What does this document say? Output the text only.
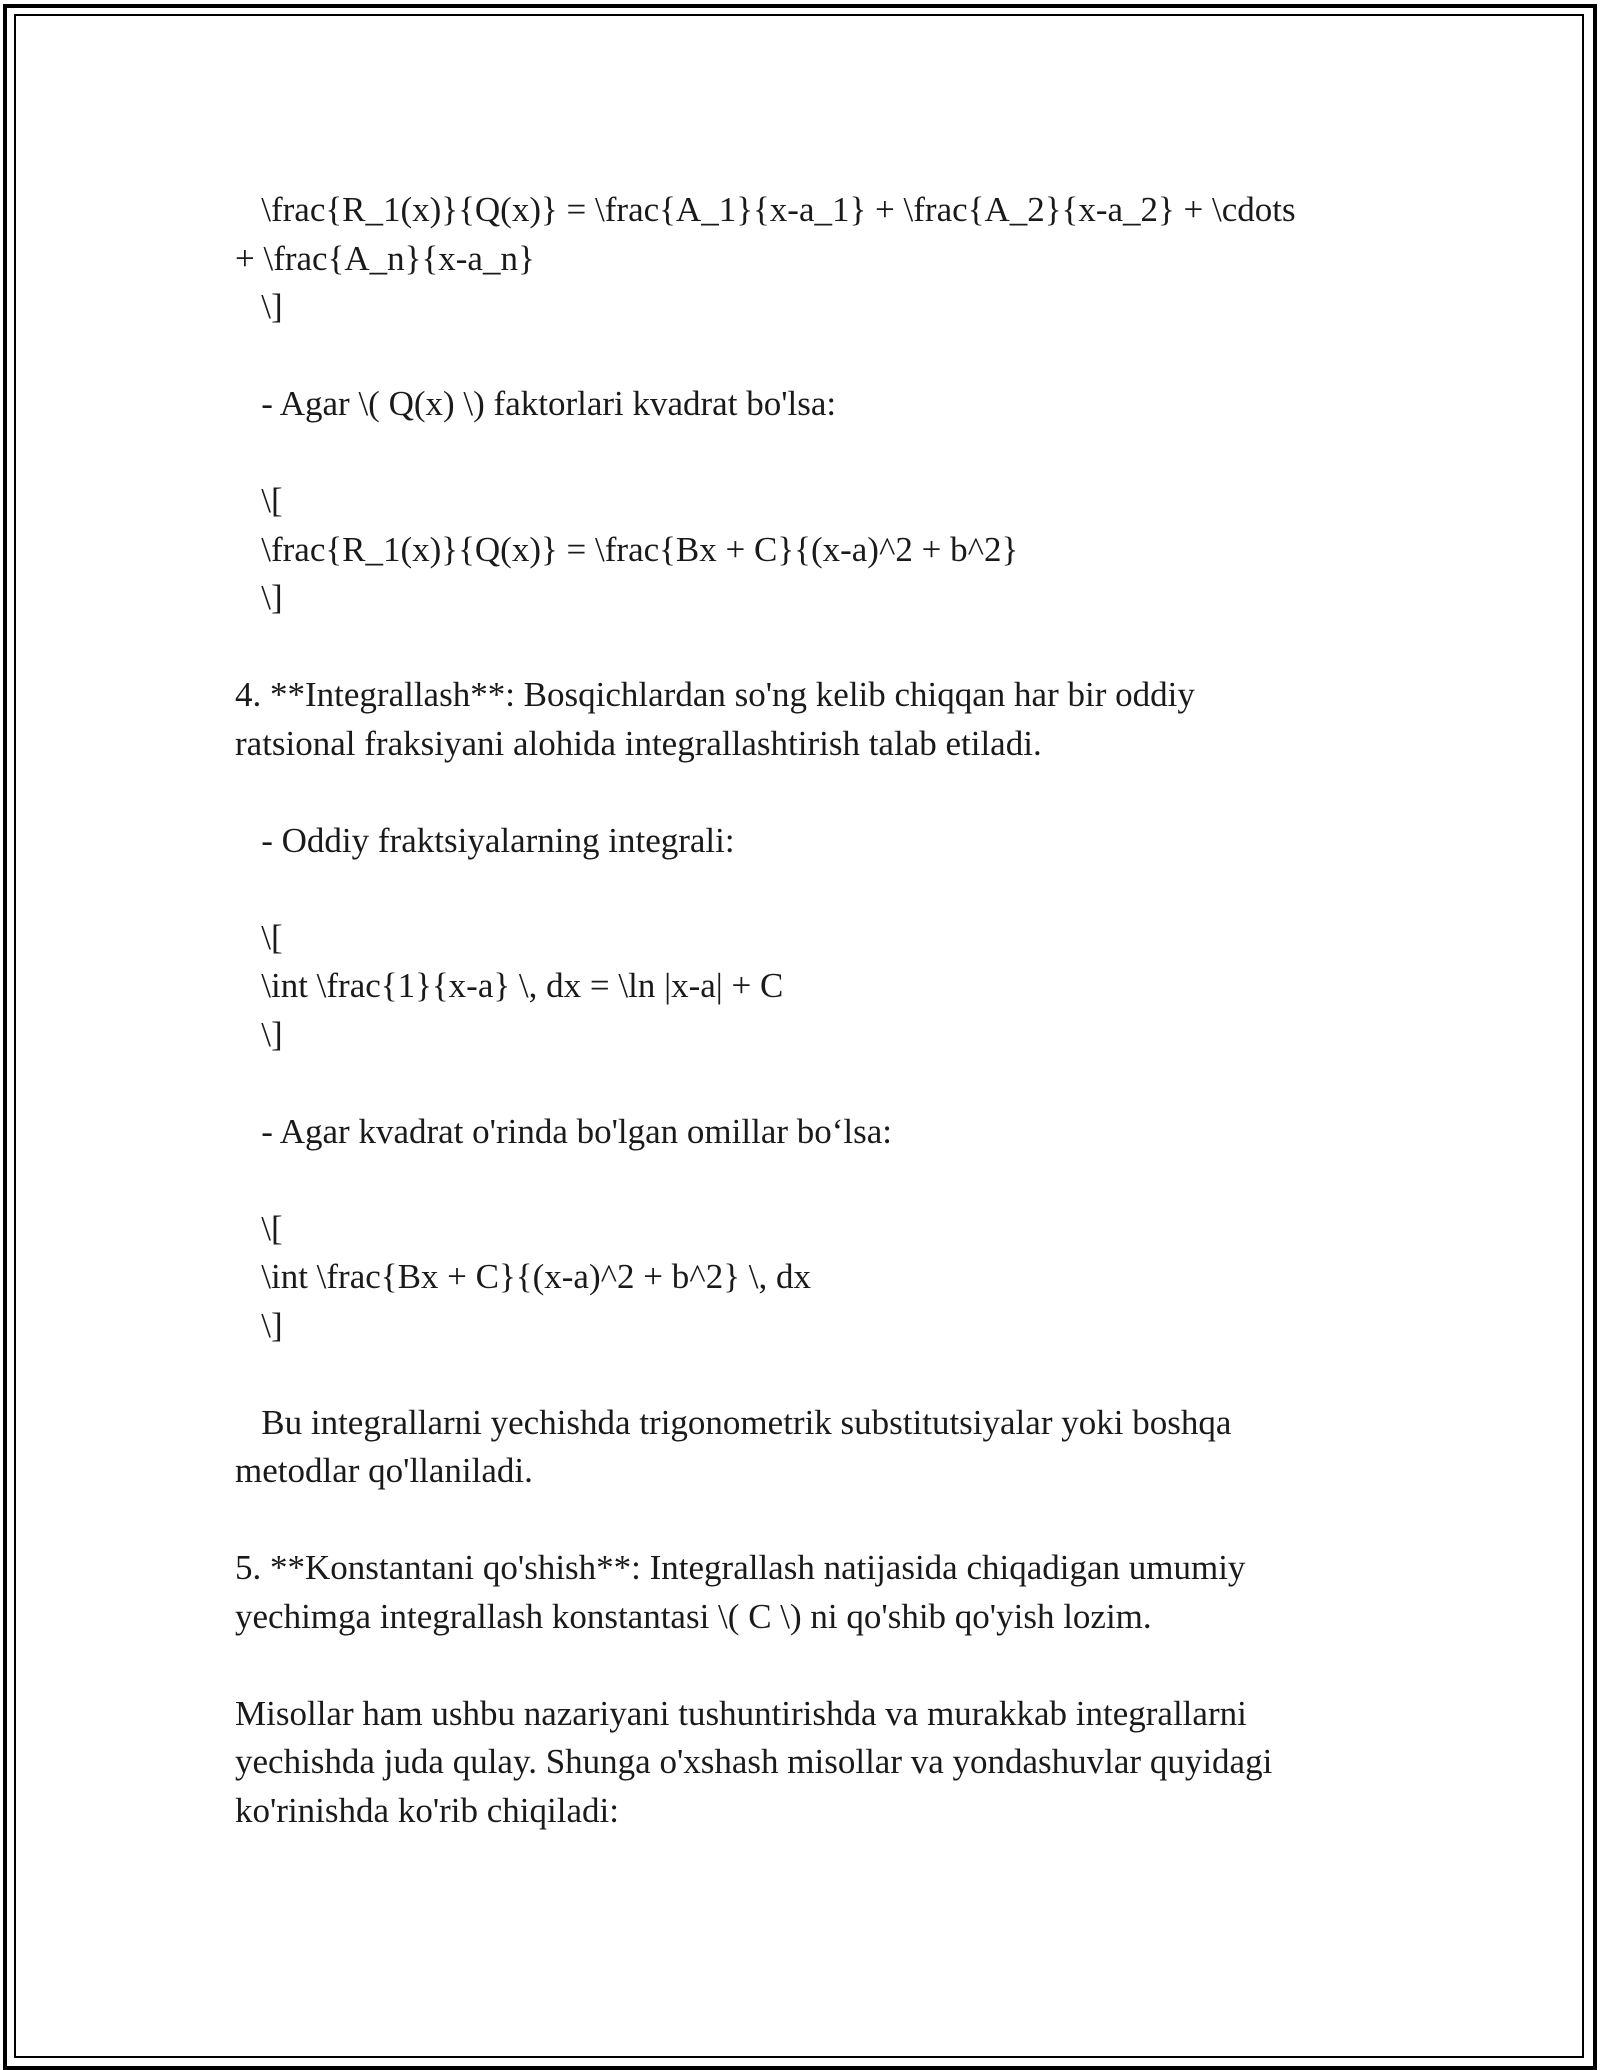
\frac{R_1(x)}{Q(x)} = \frac{A_1}{x-a_1} + \frac{A_2}{x-a_2} + \cdots
+ \frac{A_n}{x-a_n}
\]
- Agar \( Q(x) \) faktorlari kvadrat bo'lsa:
\[
\frac{R_1(x)}{Q(x)} = \frac{Bx + C}{(x-a)^2 + b^2}
\]
4. **Integrallash**: Bosqichlardan so'ng kelib chiqqan har bir oddiy
ratsional fraksiyani alohida integrallashtirish talab etiladi.
- Oddiy fraktsiyalarning integrali:
\[
\int \frac{1}{x-a} \, dx = \ln |x-a| + C
\]
- Agar kvadrat o'rinda bo'lgan omillar bo‘lsa:
\[
\int \frac{Bx + C}{(x-a)^2 + b^2} \, dx
\]
Bu integrallarni yechishda trigonometrik substitutsiyalar yoki boshqa
metodlar qo'llaniladi.
5. **Konstantani qo'shish**: Integrallash natijasida chiqadigan umumiy
yechimga integrallash konstantasi \( C \) ni qo'shib qo'yish lozim.
Misollar ham ushbu nazariyani tushuntirishda va murakkab integrallarni
yechishda juda qulay. Shunga o'xshash misollar va yondashuvlar quyidagi
ko'rinishda ko'rib chiqiladi:
